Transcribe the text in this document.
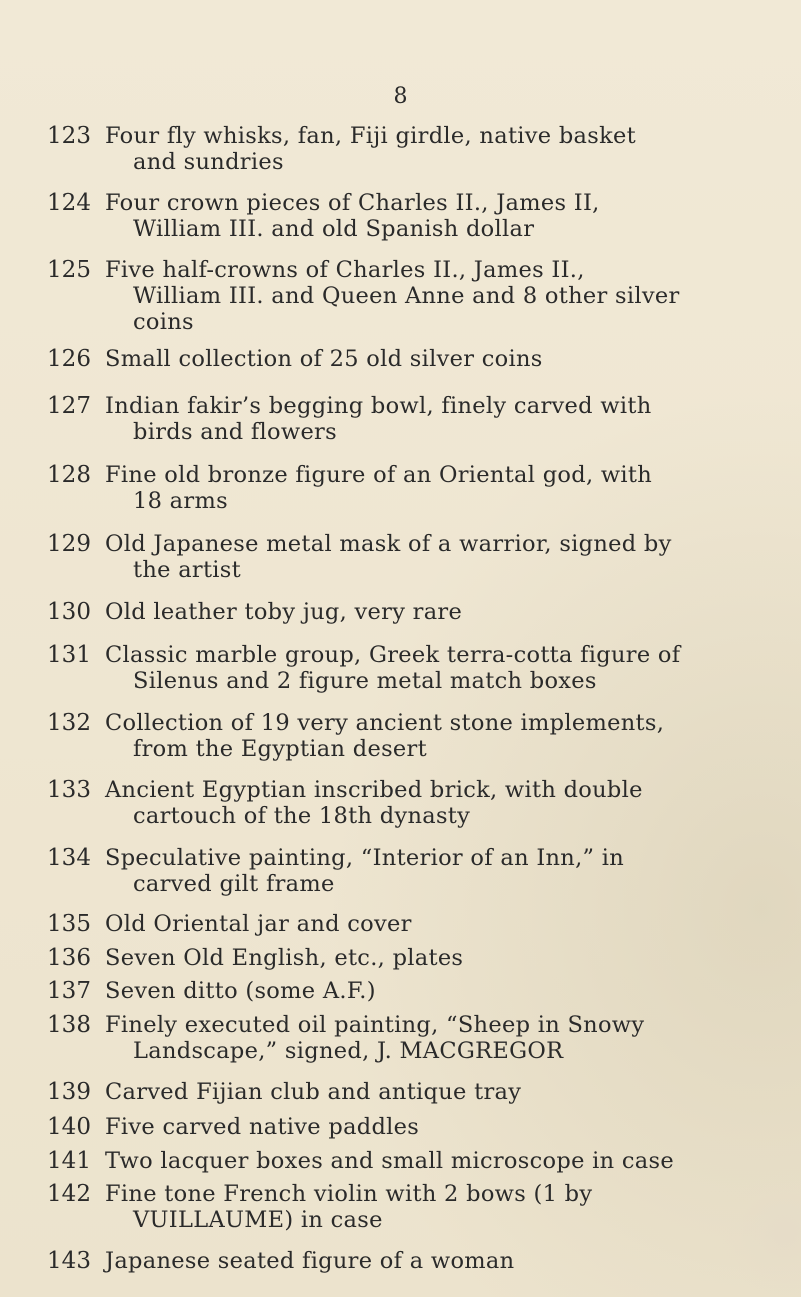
8
123 Four fly whisks, fan, Fiji girdle, native basket
and sundries
124 Four crown pieces of Charles II., James II,
William III. and old Spanish dollar
125 Five half-crowns of Charles II., James II.,
William III. and Queen Anne and 8 other silver
coins
126 Small collection of 25 old silver coins
127 Indian fakir’s begging bowl, finely carved with
birds and flowers
128 Fine old bronze figure of an Oriental god, with
18 arms
129 Old Japanese metal mask of a warrior, signed by
the artist
130 Old leather toby jug, very rare
131 Classic marble group, Greek terra-cotta figure of
Silenus and 2 figure metal match boxes
132 Collection of 19 very ancient stone implements,
from the Egyptian desert
133 Ancient Egyptian inscribed brick, with double
cartouch of the 18th dynasty
134 Speculative painting, “Interior of an Inn,” in
carved gilt frame
135 Old Oriental jar and cover
136 Seven Old English, etc., plates
137 Seven ditto (some A.F.)
138 Finely executed oil painting, “Sheep in Snowy
Landscape,” signed, J. MACGREGOR
139 Carved Fijian club and antique tray
140 Five carved native paddles
141 Two lacquer boxes and small microscope in case
142 Fine tone French violin with 2 bows (1 by
VUILLAUME) in case
143 Japanese seated figure of a woman
